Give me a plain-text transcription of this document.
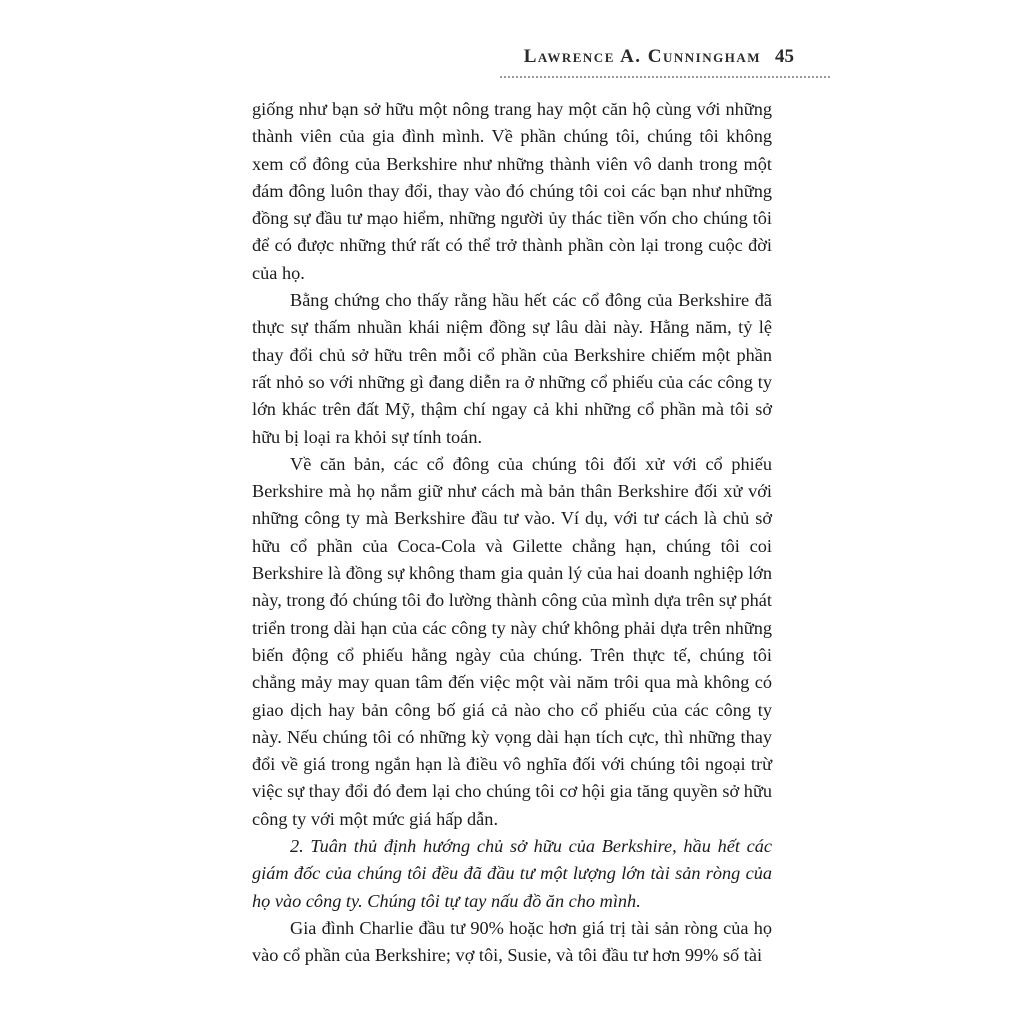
Lawrence A. Cunningham 45

giống như bạn sở hữu một nông trang hay một căn hộ cùng với những thành viên của gia đình mình. Về phần chúng tôi, chúng tôi không xem cổ đông của Berkshire như những thành viên vô danh trong một đám đông luôn thay đổi, thay vào đó chúng tôi coi các bạn như những đồng sự đầu tư mạo hiểm, những người ủy thác tiền vốn cho chúng tôi để có được những thứ rất có thể trở thành phần còn lại trong cuộc đời của họ.

Bằng chứng cho thấy rằng hầu hết các cổ đông của Berkshire đã thực sự thấm nhuần khái niệm đồng sự lâu dài này. Hằng năm, tỷ lệ thay đổi chủ sở hữu trên mỗi cổ phần của Berkshire chiếm một phần rất nhỏ so với những gì đang diễn ra ở những cổ phiếu của các công ty lớn khác trên đất Mỹ, thậm chí ngay cả khi những cổ phần mà tôi sở hữu bị loại ra khỏi sự tính toán.

Về căn bản, các cổ đông của chúng tôi đối xử với cổ phiếu Berkshire mà họ nắm giữ như cách mà bản thân Berkshire đối xử với những công ty mà Berkshire đầu tư vào. Ví dụ, với tư cách là chủ sở hữu cổ phần của Coca-Cola và Gilette chẳng hạn, chúng tôi coi Berkshire là đồng sự không tham gia quản lý của hai doanh nghiệp lớn này, trong đó chúng tôi đo lường thành công của mình dựa trên sự phát triển trong dài hạn của các công ty này chứ không phải dựa trên những biến động cổ phiếu hằng ngày của chúng. Trên thực tế, chúng tôi chẳng mảy may quan tâm đến việc một vài năm trôi qua mà không có giao dịch hay bản công bố giá cả nào cho cổ phiếu của các công ty này. Nếu chúng tôi có những kỳ vọng dài hạn tích cực, thì những thay đổi về giá trong ngắn hạn là điều vô nghĩa đối với chúng tôi ngoại trừ việc sự thay đổi đó đem lại cho chúng tôi cơ hội gia tăng quyền sở hữu công ty với một mức giá hấp dẫn.

2. Tuân thủ định hướng chủ sở hữu của Berkshire, hầu hết các giám đốc của chúng tôi đều đã đầu tư một lượng lớn tài sản ròng của họ vào công ty. Chúng tôi tự tay nấu đồ ăn cho mình.

Gia đình Charlie đầu tư 90% hoặc hơn giá trị tài sản ròng của họ vào cổ phần của Berkshire; vợ tôi, Susie, và tôi đầu tư hơn 99% số tài
